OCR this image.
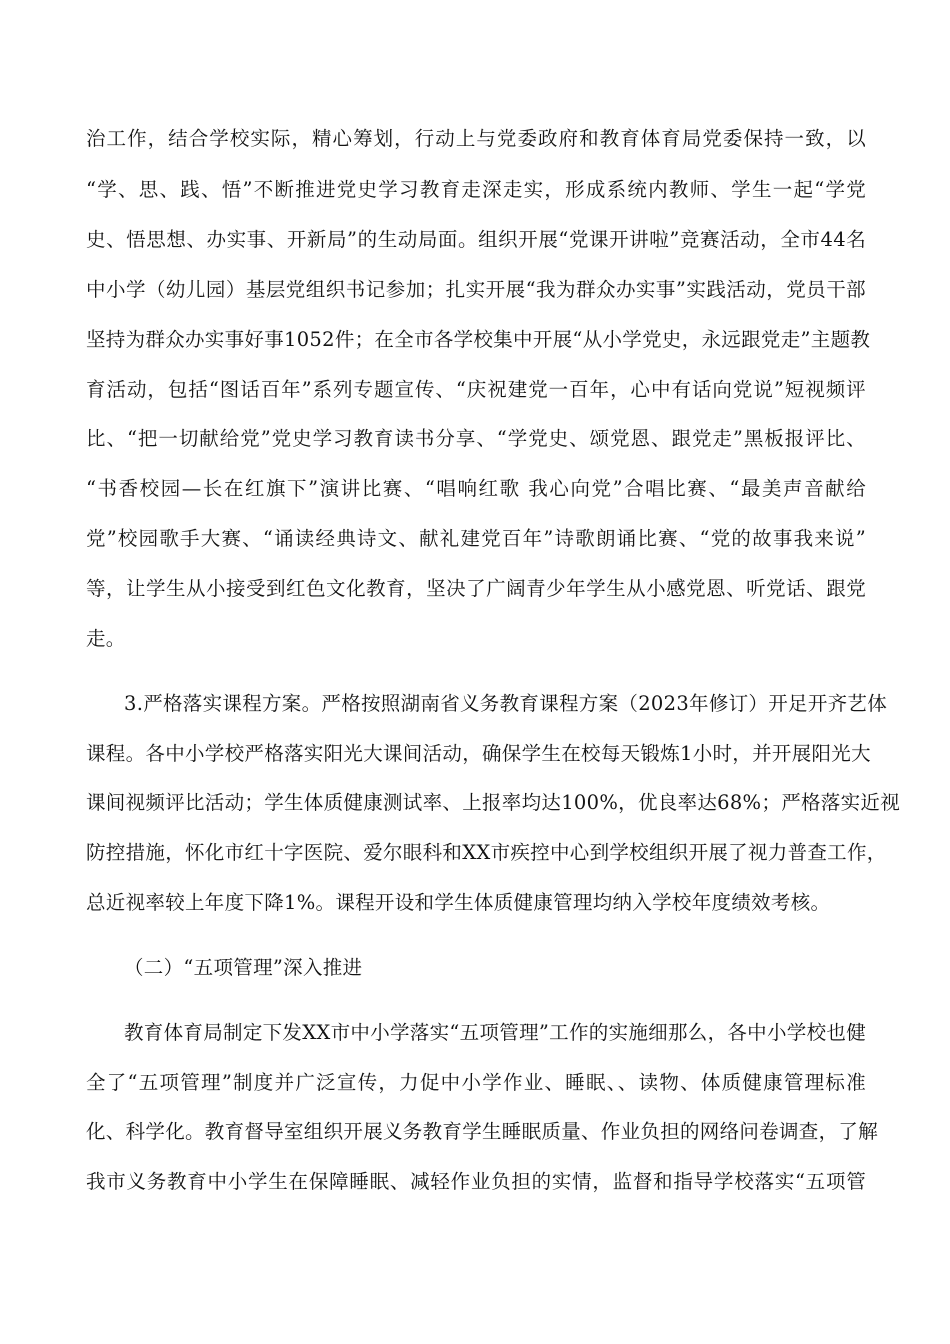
治工作，结合学校实际，精心筹划，行动上与党委政府和教育体育局党委保持一致，以
“学、思、践、悟”不断推进党史学习教育走深走实，形成系统内教师、学生一起“学党
史、悟思想、办实事、开新局”的生动局面。组织开展“党课开讲啦”竞赛活动，全市44名
中小学（幼儿园）基层党组织书记参加；扎实开展“我为群众办实事”实践活动，党员干部
坚持为群众办实事好事1052件；在全市各学校集中开展“从小学党史，永远跟党走”主题教
育活动，包括“图话百年”系列专题宣传、“庆祝建党一百年，心中有话向党说”短视频评
比、“把一切献给党”党史学习教育读书分享、“学党史、颂党恩、跟党走”黑板报评比、
“书香校园—长在红旗下”演讲比赛、“唱响红歌 我心向党”合唱比赛、“最美声音献给
党”校园歌手大赛、“诵读经典诗文、献礼建党百年”诗歌朗诵比赛、“党的故事我来说”
等，让学生从小接受到红色文化教育，坚决了广阔青少年学生从小感党恩、听党话、跟党
走。
3.严格落实课程方案。严格按照湖南省义务教育课程方案（2023年修订）开足开齐艺体
课程。各中小学校严格落实阳光大课间活动，确保学生在校每天锻炼1小时，并开展阳光大
课间视频评比活动；学生体质健康测试率、上报率均达100%，优良率达68%；严格落实近视
防控措施，怀化市红十字医院、爱尔眼科和XX市疾控中心到学校组织开展了视力普查工作，
总近视率较上年度下降1%。课程开设和学生体质健康管理均纳入学校年度绩效考核。
（二）“五项管理”深入推进
教育体育局制定下发XX市中小学落实“五项管理”工作的实施细那么，各中小学校也健
全了“五项管理”制度并广泛宣传，力促中小学作业、睡眠、、读物、体质健康管理标准
化、科学化。教育督导室组织开展义务教育学生睡眠质量、作业负担的网络问卷调查，了解
我市义务教育中小学生在保障睡眠、减轻作业负担的实情，监督和指导学校落实“五项管
